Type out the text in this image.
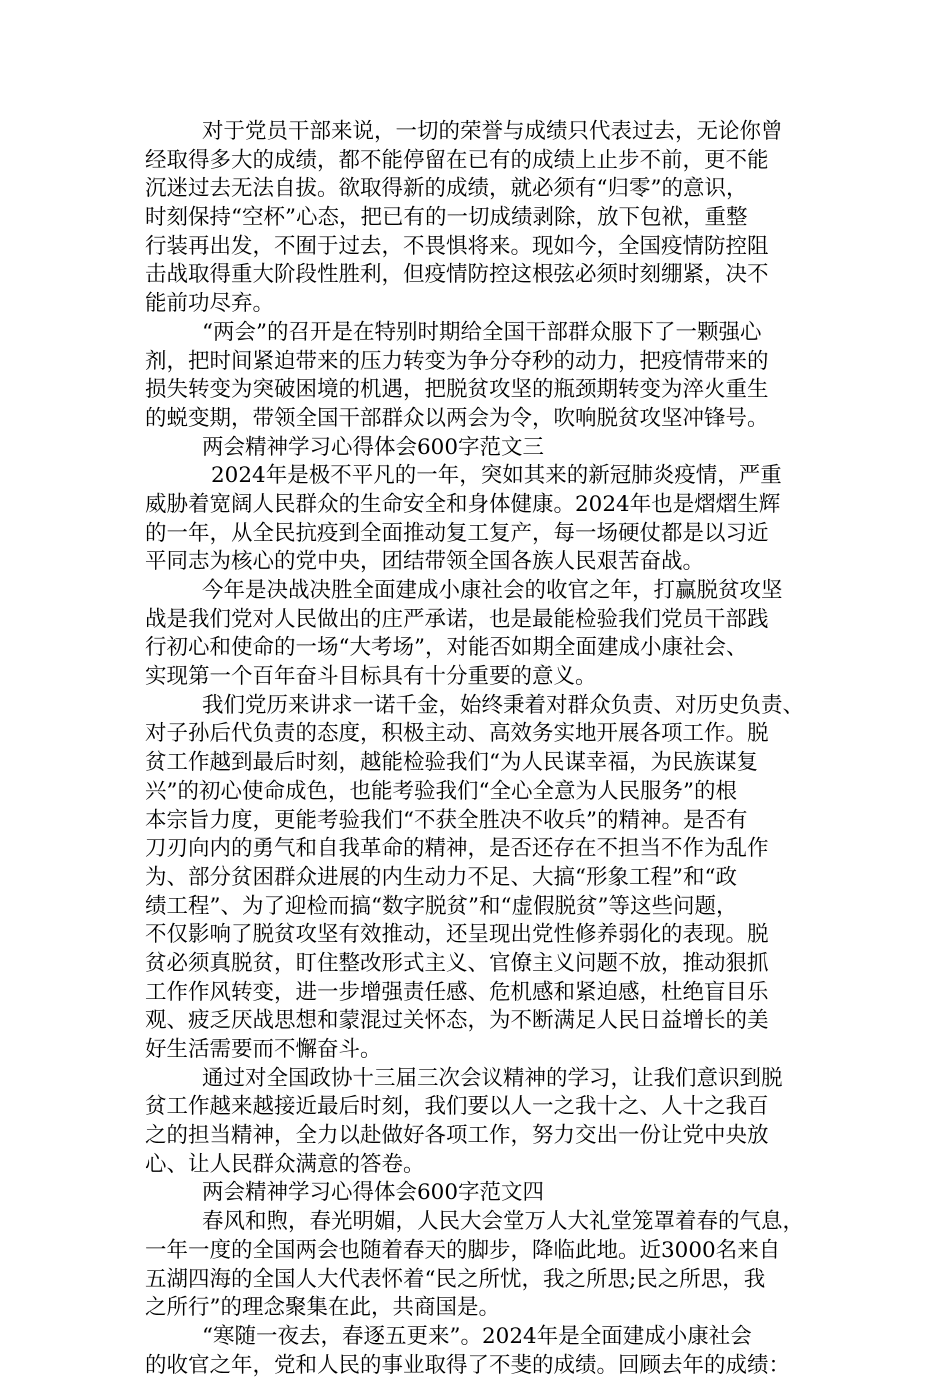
对于党员干部来说，一切的荣誉与成绩只代表过去，无论你曾
经取得多大的成绩，都不能停留在已有的成绩上止步不前，更不能
沉迷过去无法自拔。欲取得新的成绩，就必须有“归零”的意识，
时刻保持“空杯”心态，把已有的一切成绩剥除，放下包袱，重整
行装再出发，不囿于过去，不畏惧将来。现如今，全国疫情防控阻
击战取得重大阶段性胜利，但疫情防控这根弦必须时刻绷紧，决不
能前功尽弃。
“两会”的召开是在特别时期给全国干部群众服下了一颗强心
剂，把时间紧迫带来的压力转变为争分夺秒的动力，把疫情带来的
损失转变为突破困境的机遇，把脱贫攻坚的瓶颈期转变为淬火重生
的蜕变期，带领全国干部群众以两会为令，吹响脱贫攻坚冲锋号。
两会精神学习心得体会600字范文三
2024年是极不平凡的一年，突如其来的新冠肺炎疫情，严重
威胁着宽阔人民群众的生命安全和身体健康。2024年也是熠熠生辉
的一年，从全民抗疫到全面推动复工复产，每一场硬仗都是以习近
平同志为核心的党中央，团结带领全国各族人民艰苦奋战。
今年是决战决胜全面建成小康社会的收官之年，打赢脱贫攻坚
战是我们党对人民做出的庄严承诺，也是最能检验我们党员干部践
行初心和使命的一场“大考场”，对能否如期全面建成小康社会、
实现第一个百年奋斗目标具有十分重要的意义。
我们党历来讲求一诺千金，始终秉着对群众负责、对历史负责、
对子孙后代负责的态度，积极主动、高效务实地开展各项工作。脱
贫工作越到最后时刻，越能检验我们“为人民谋幸福，为民族谋复
兴”的初心使命成色，也能考验我们“全心全意为人民服务”的根
本宗旨力度，更能考验我们“不获全胜决不收兵”的精神。是否有
刀刃向内的勇气和自我革命的精神，是否还存在不担当不作为乱作
为、部分贫困群众进展的内生动力不足、大搞“形象工程”和“政
绩工程”、为了迎检而搞“数字脱贫”和“虚假脱贫”等这些问题，
不仅影响了脱贫攻坚有效推动，还呈现出党性修养弱化的表现。脱
贫必须真脱贫，盯住整改形式主义、官僚主义问题不放，推动狠抓
工作作风转变，进一步增强责任感、危机感和紧迫感，杜绝盲目乐
观、疲乏厌战思想和蒙混过关怀态，为不断满足人民日益增长的美
好生活需要而不懈奋斗。
通过对全国政协十三届三次会议精神的学习，让我们意识到脱
贫工作越来越接近最后时刻，我们要以人一之我十之、人十之我百
之的担当精神，全力以赴做好各项工作，努力交出一份让党中央放
心、让人民群众满意的答卷。
两会精神学习心得体会600字范文四
春风和煦，春光明媚，人民大会堂万人大礼堂笼罩着春的气息，
一年一度的全国两会也随着春天的脚步，降临此地。近3000名来自
五湖四海的全国人大代表怀着“民之所忧，我之所思;民之所思，我
之所行”的理念聚集在此，共商国是。
“寒随一夜去，春逐五更来”。2024年是全面建成小康社会
的收官之年，党和人民的事业取得了不斐的成绩。回顾去年的成绩：
